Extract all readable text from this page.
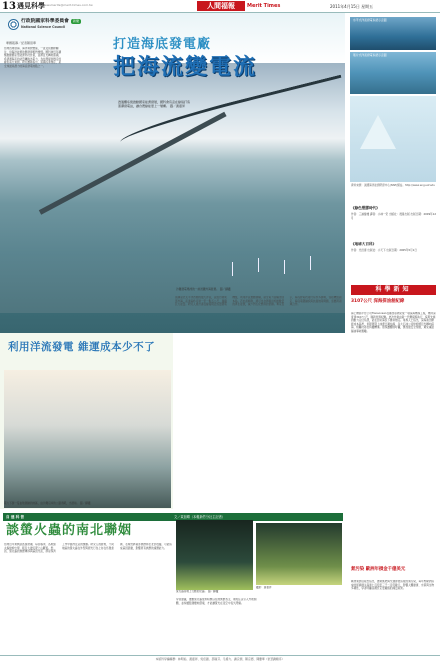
13 遇見科學
newsmerits@merit-times.com.tw	人間福報	Merit Times	2011年4月15日 星期五
行政院國家科學委員會	新聞
National Science Council
專題報導／記者陳思華	打造海底發電廠
把海流變電流
透過體系統推動國家能源發展，國科會有意在綠島打造黑潮發電站，讓台灣綠能更上一層樓。 圖／黃嘉昇
台灣四周環海，海洋資源豐富，一直受到國際關注，但海洋能源的開發卻相對緩慢。國科會近年積極推動國家型能源科技計畫，並將目光轉向黑潮，希望將海流的能量轉換為電力，為台灣提供穩定的綠色電力來源。研究團隊指出，黑潮流速穩定，是全球最具潛力的海流發電地點之一。
利用洋流發電 維運成本少不了
電大下游一隻由航測繪的地區，由沙灘沿岸的公路遊戲，出展前。 圖／翻攝
沙灘發電場洲的一處淺灘外海發展。 圖／翻攝
黑潮是北太平洋西側的強大洋流，流經台灣東部外海，流速每秒可達一至一點五公尺，蘊藏巨大能量。研究人員計畫在綠島附近設置發電機組，利用洋流推動渦輪，產生電力並輸送回本島。若計畫順利，將可為台灣提供相當數量的再生能源，減少對石化燃料的依賴。專家表示，海流發電技術仍有許多挑戰，包括機組固定、海底電纜鋪設與抗腐蝕等問題，需要跨領域合作。
自 達 科 普	文／黃加晴（本報新竹分社主記者）
談螢火蟲的南北聯姻
台灣近年來興起賞螢熱潮，每到春季，各地螢火蟲紛紛出現，吸引大批民眾上山觀賞。然而，螢火蟲的族群遷移與基因交流，卻是保育工作中值得注意的課題。研究人員發現，不同地區的螢火蟲在外型與發光行為上存在些微差異，若貿然將南部族群移至北部放養，可能造成基因混雜，影響原有族群的適應能力。
螢火蟲是晚上行動的昆蟲。 圖／翻攝
攝影：黃嘉昇
學者建議，推動螢火蟲復育時應以在地族群為主，避免任意引入外地個體，並持續監測棲地環境，才能讓螢光在夜空中長久閃耀。
水平式洋流發電系統示意圖
葉片式洋流發電系統示意圖
資料來源：美國海洋能源研發中心(NSE)網站。http://www.eng.usf.edu
《綠色塑膠時代》
作者：三浦健雄 譯者：小林一宏 出版社：晨星出版 出版日期：2009年12月
《地球大百科》
作者：光田康 出版社：小天下 出版日期：2005年5月1日
科學新知
3107公尺 深海探油創紀錄
海上鑽油平台公司Transocean在墨西哥灣完成一項深海鑽探工程，鑽井深度達3107公尺，刷新世界紀錄。此次作業由新一代鑽探船執行，採用先進的動力定位系統，能在惡劣海況下維持穩定。業界人士指出，深海油田開發成本高昂，但隨著陸上油源日漸枯竭，各大石油公司紛紛將目光轉向深海，相關技術也持續精進。環保團體則呼籲，應加強安全規範，避免重蹈漏油事故覆轍。
氮污染 歐洲年損金千億美元
歐洲氮評估報告指出，農業施肥與交通排放造成的氮污染，每年對歐洲造成的經濟損失高達七百億至三千二百億歐元，影響人體健康、水質與生物多樣性，學者呼籲各國訂定更嚴格的減量政策。
本版科學編輯群：林明佑、黃嘉昇、吳佳蕙、邵瑞芬、毛偉力、謝宗源、陳宗德、陳慶華（依筆劃順序）
